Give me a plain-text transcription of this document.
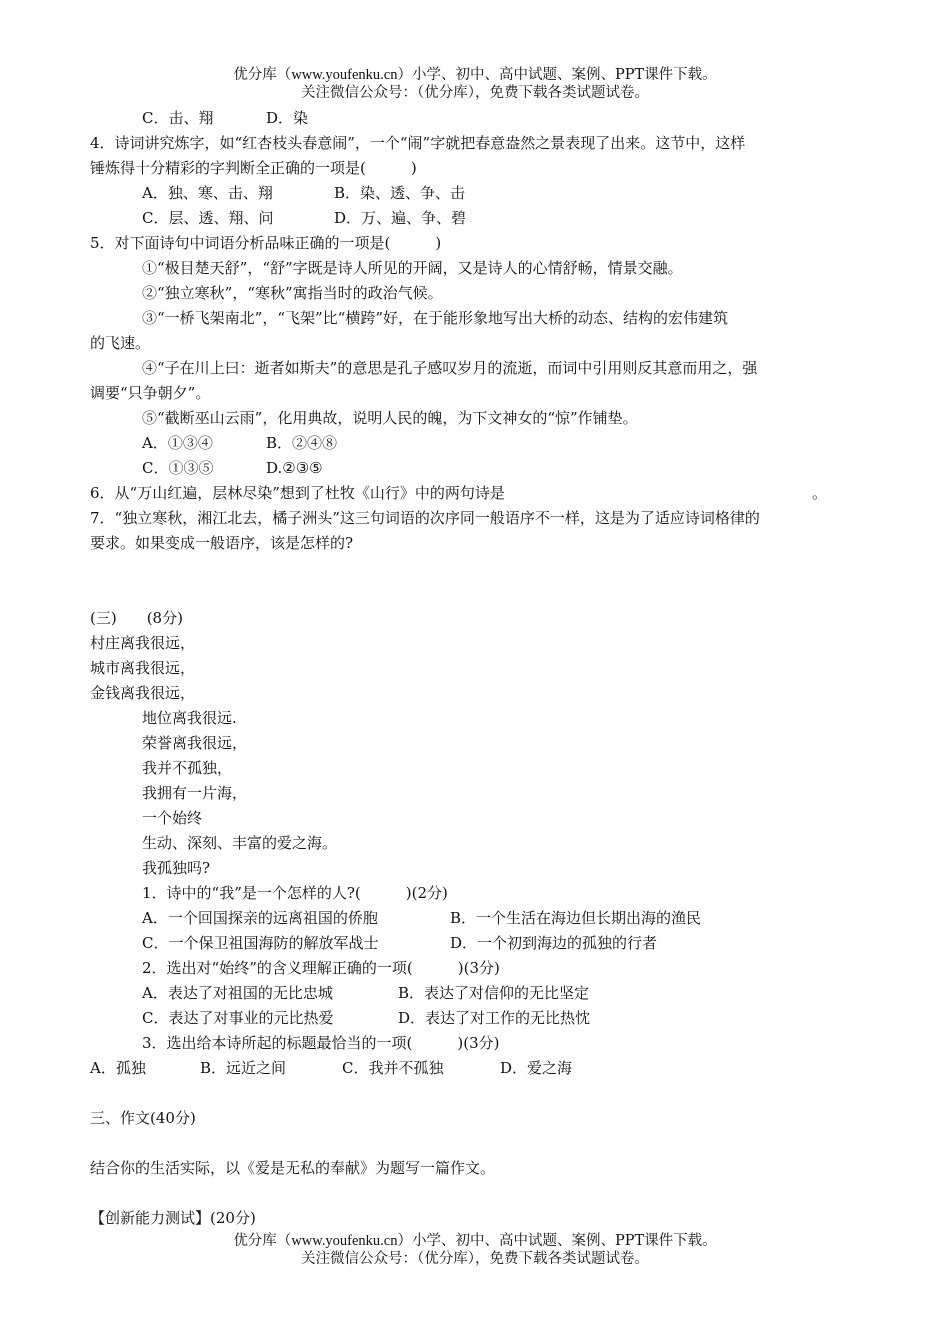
优分库（www.youfenku.cn）小学、初中、高中试题、案例、PPT课件下载。
关注微信公众号：（优分库），免费下载各类试题试卷。
C．击、翔	D．染
4．诗词讲究炼字，如“红杏枝头春意闹”，一个“闹”字就把春意盎然之景表现了出来。这节中，这样
锤炼得十分精彩的字判断全正确的一项是(　　　)
A．独、寒、击、翔	B．染、透、争、击
C．层、透、翔、问	D．万、遍、争、碧
5．对下面诗句中词语分析品味正确的一项是(　　　)
①“极目楚天舒”，“舒”字既是诗人所见的开阔，又是诗人的心情舒畅，情景交融。
②“独立寒秋”，“寒秋”寓指当时的政治气候。
③“一桥飞架南北”，“飞架”比“横跨”好，在于能形象地写出大桥的动态、结构的宏伟建筑
的飞速。
④“子在川上曰：逝者如斯夫”的意思是孔子感叹岁月的流逝，而词中引用则反其意而用之，强
调要“只争朝夕”。
⑤“截断巫山云雨”，化用典故，说明人民的魄，为下文神女的“惊”作铺垫。
A．①③④	B．②④⑧
C．①③⑤	D.②③⑤
6．从“万山红遍，层林尽染”想到了杜牧《山行》中的两句诗是	。
7．“独立寒秋，湘江北去，橘子洲头”这三句词语的次序同一般语序不一样，这是为了适应诗词格律的
要求。如果变成一般语序，该是怎样的?
(三)　　(8分)
村庄离我很远，
城市离我很远，
金钱离我很远，
地位离我很远.
荣誉离我很远，
我并不孤独，
我拥有一片海，
一个始终
生动、深刻、丰富的爱之海。
我孤独吗?
1．诗中的“我”是一个怎样的人?(　　　)(2分)
A．一个回国探亲的远离祖国的侨胞	B．一个生活在海边但长期出海的渔民
C．一个保卫祖国海防的解放军战士	D．一个初到海边的孤独的行者
2．选出对“始终”的含义理解正确的一项(　　　)(3分)
A．表达了对祖国的无比忠城	B．表达了对信仰的无比坚定
C．表达了对事业的元比热爱	D．表达了对工作的无比热忱
3．选出给本诗所起的标题最恰当的一项(　　　)(3分)
A．孤独	B．远近之间	C．我并不孤独	D．爱之海
三、作文(40分)
结合你的生活实际，以《爱是无私的奉献》为题写一篇作文。
【创新能力测试】(20分)
优分库（www.youfenku.cn）小学、初中、高中试题、案例、PPT课件下载。
关注微信公众号：（优分库），免费下载各类试题试卷。
